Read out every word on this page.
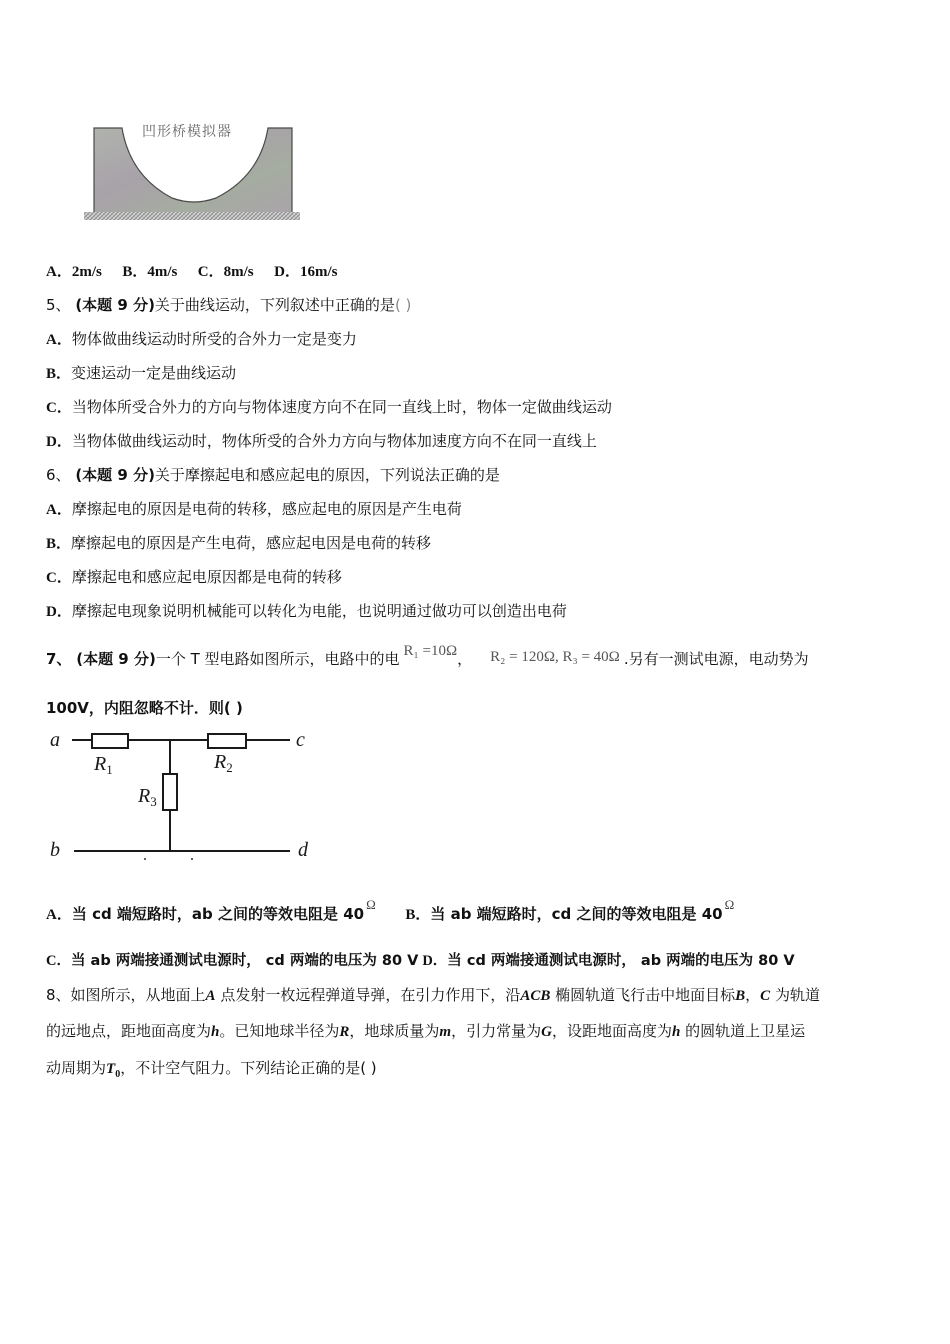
凹形桥模拟器
A．2m/s B．4m/s C．8m/s D．16m/s
5、 (本题 9 分)关于曲线运动，下列叙述中正确的是( )
A．物体做曲线运动时所受的合外力一定是变力
B．变速运动一定是曲线运动
C．当物体所受合外力的方向与物体速度方向不在同一直线上时，物体一定做曲线运动
D．当物体做曲线运动时，物体所受的合外力方向与物体加速度方向不在同一直线上
6、 (本题 9 分)关于摩擦起电和感应起电的原因，下列说法正确的是
A．摩擦起电的原因是电荷的转移，感应起电的原因是产生电荷
B．摩擦起电的原因是产生电荷，感应起电因是电荷的转移
C．摩擦起电和感应起电原因都是电荷的转移
D．摩擦起电现象说明机械能可以转化为电能，也说明通过做功可以创造出电荷
7、 (本题 9 分)一个 T 型电路如图所示，电路中的电 R₁ =10Ω， R₂ = 120Ω, R₃ = 40Ω .另有一测试电源，电动势为
100V，内阻忽略不计．则( )
a
b
c
d
$R_1$	$R_2$
$R_3$
A．当 cd 端短路时，ab 之间的等效电阻是 40Ω  B．当 ab 端短路时，cd 之间的等效电阻是 40Ω
C．当 ab 两端接通测试电源时， cd 两端的电压为 80 V D．当 cd 两端接通测试电源时， ab 两端的电压为 80 V
8、如图所示，从地面上A 点发射一枚远程弹道导弹，在引力作用下，沿ACB 椭圆轨道飞行击中地面目标B，C 为轨道
的远地点，距地面高度为h。已知地球半径为R，地球质量为m，引力常量为G，设距地面高度为h 的圆轨道上卫星运
动周期为$T_0$，不计空气阻力。下列结论正确的是( )
